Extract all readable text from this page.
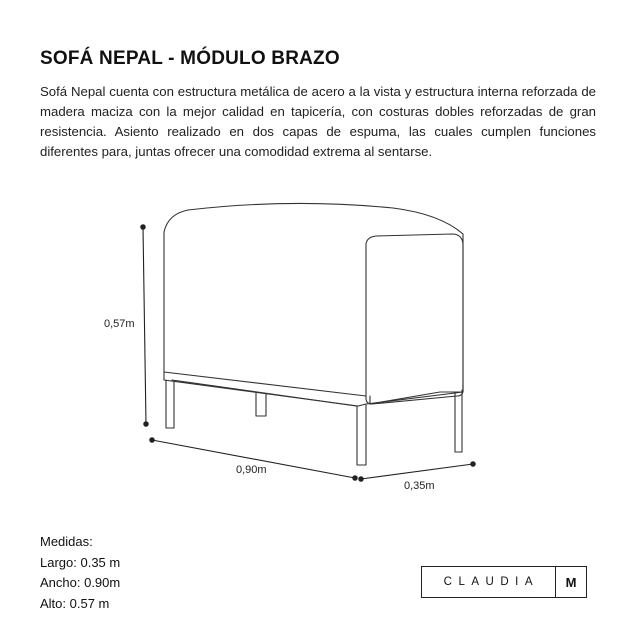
SOFÁ NEPAL - MÓDULO BRAZO

Sofá Nepal cuenta con estructura metálica de acero a la vista y estructura interna reforzada de madera maciza con la mejor calidad en tapicería, con costuras dobles reforzadas de gran resistencia. Asiento realizado en dos capas de espuma, las cuales cumplen funciones diferentes para, juntas ofrecer una comodidad extrema al sentarse.

0,57m
0,90m
0,35m
Medidas:
Largo: 0.35 m
Ancho: 0.90m
Alto: 0.57 m
CLAUDIA	M
